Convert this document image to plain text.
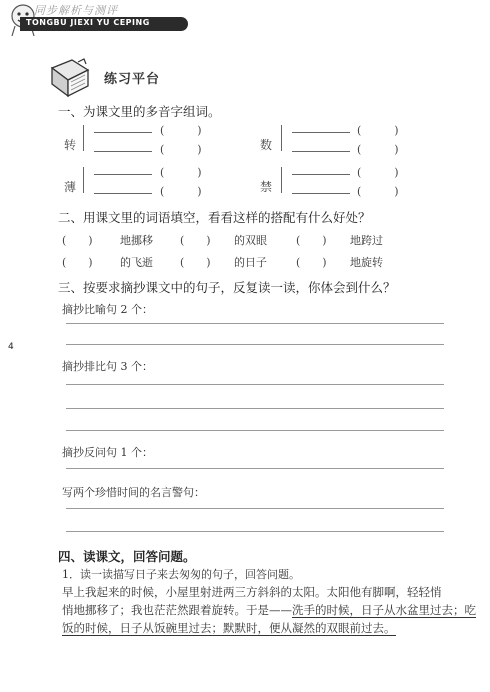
同步解析与测评
TONGBU JIEXI YU CEPING
练习平台
4
一、为课文里的多音字组词。
转
(　　　)
(　　　)	数
(　　　)
(　　　)
薄
(　　　)
(　　　)	禁
(　　　)
(　　　)
二、用课文里的词语填空，看看这样的搭配有什么好处？
(　　) 地挪移 (　　) 的双眼	(　　) 地跨过
(　　) 的飞逝 (　　) 的日子	(　　) 地旋转
三、按要求摘抄课文中的句子，反复读一读，你体会到什么？
摘抄比喻句 2 个：
摘抄排比句 3 个：
摘抄反问句 1 个：
写两个珍惜时间的名言警句：
四、读课文，回答问题。
1．读一读描写日子来去匆匆的句子，回答问题。
早上我起来的时候，小屋里射进两三方斜斜的太阳。太阳他有脚啊，轻轻悄
悄地挪移了；我也茫茫然跟着旋转。于是——洗手的时候，日子从水盆里过去；吃
饭的时候，日子从饭碗里过去；默默时，便从凝然的双眼前过去。
